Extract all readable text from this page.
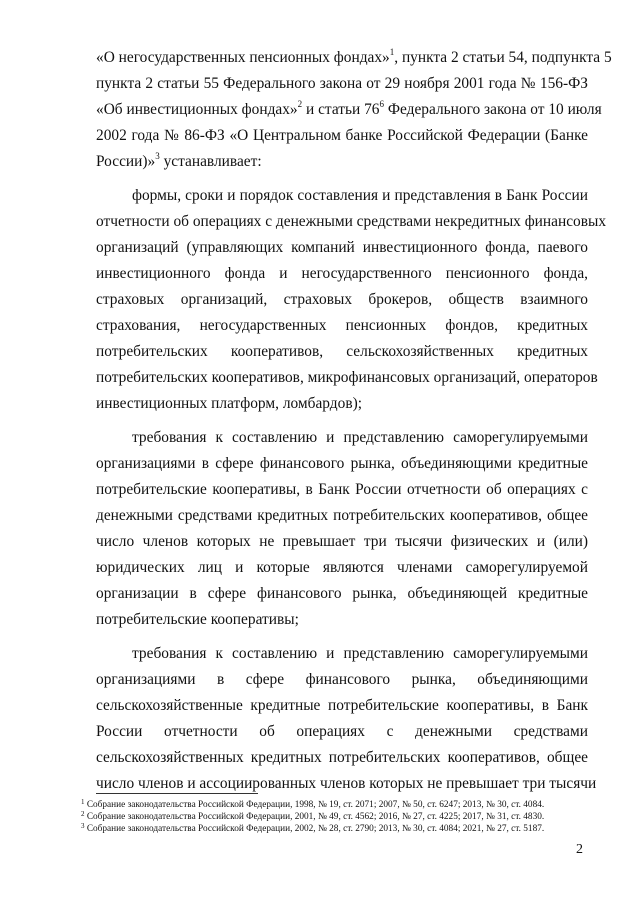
«О негосударственных пенсионных фондах»$^1$, пункта 2 статьи 54, подпункта 5
пункта 2 статьи 55 Федерального закона от 29 ноября 2001 года № 156-ФЗ
«Об инвестиционных фондах»$^2$ и статьи $76^6$ Федерального закона от 10 июля
2002 года № 86-ФЗ «О Центральном банке Российской Федерации (Банке
России)»$^3$ устанавливает:
формы, сроки и порядок составления и представления в Банк России
отчетности об операциях с денежными средствами некредитных финансовых
организаций (управляющих компаний инвестиционного фонда, паевого
инвестиционного фонда и негосударственного пенсионного фонда,
страховых организаций, страховых брокеров, обществ взаимного
страхования, негосударственных пенсионных фондов, кредитных
потребительских кооперативов, сельскохозяйственных кредитных
потребительских кооперативов, микрофинансовых организаций, операторов
инвестиционных платформ, ломбардов);
требования к составлению и представлению саморегулируемыми
организациями в сфере финансового рынка, объединяющими кредитные
потребительские кооперативы, в Банк России отчетности об операциях с
денежными средствами кредитных потребительских кооперативов, общее
число членов которых не превышает три тысячи физических и (или)
юридических лиц и которые являются членами саморегулируемой
организации в сфере финансового рынка, объединяющей кредитные
потребительские кооперативы;
требования к составлению и представлению саморегулируемыми
организациями в сфере финансового рынка, объединяющими
сельскохозяйственные кредитные потребительские кооперативы, в Банк
России отчетности об операциях с денежными средствами
сельскохозяйственных кредитных потребительских кооперативов, общее
число членов и ассоциированных членов которых не превышает три тысячи
$^1$ Собрание законодательства Российской Федерации, 1998, № 19, ст. 2071; 2007, № 50, ст. 6247; 2013, № 30, ст. 4084.
$^2$ Собрание законодательства Российской Федерации, 2001, № 49, ст. 4562; 2016, № 27, ст. 4225; 2017, № 31, ст. 4830.
$^3$ Собрание законодательства Российской Федерации, 2002, № 28, ст. 2790; 2013, № 30, ст. 4084; 2021, № 27, ст. 5187.
2
